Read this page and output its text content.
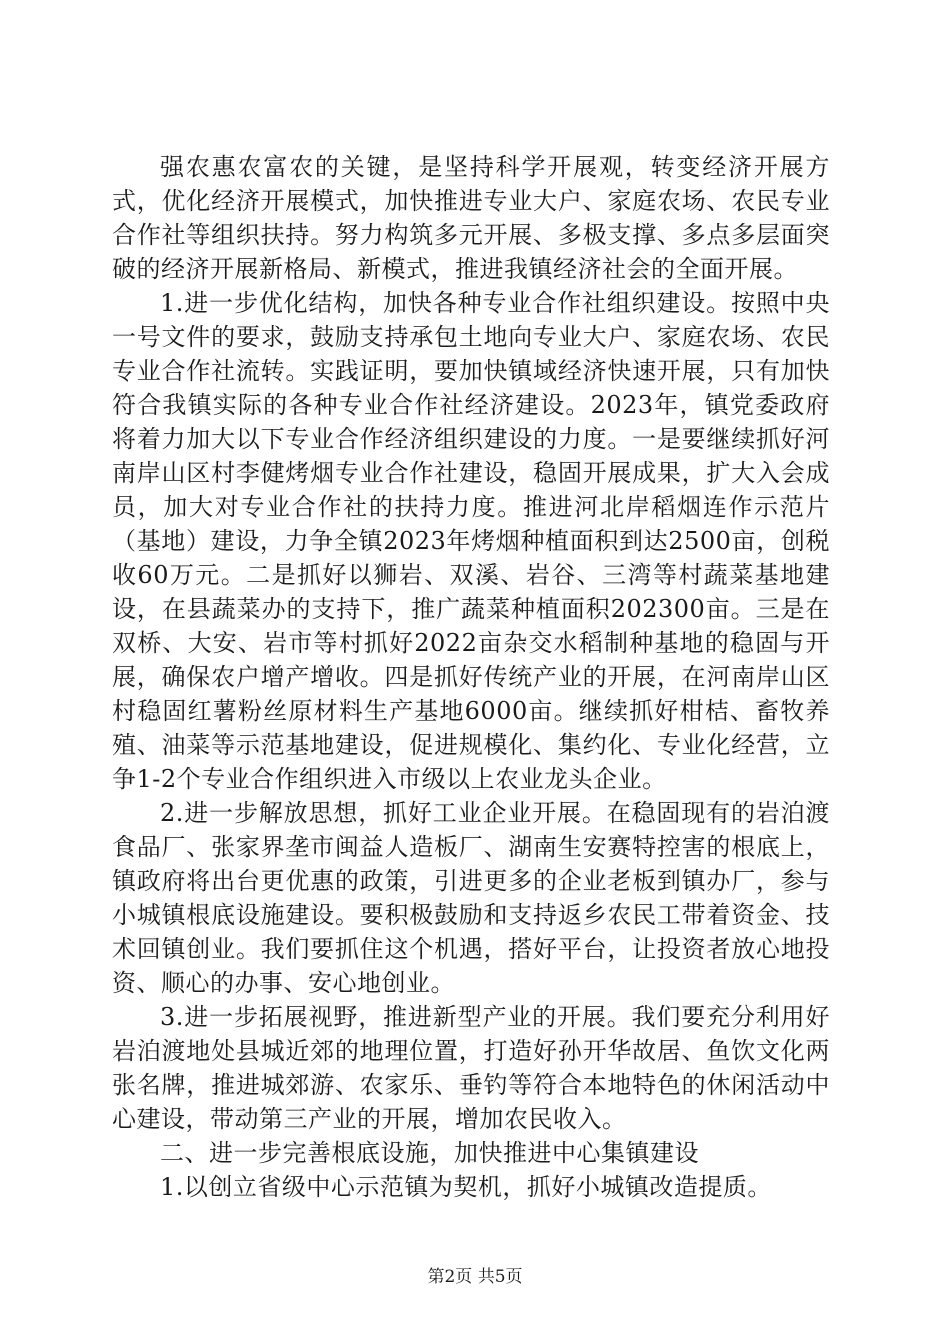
强农惠农富农的关键，是坚持科学开展观，转变经济开展方式，优化经济开展模式，加快推进专业大户、家庭农场、农民专业合作社等组织扶持。努力构筑多元开展、多极支撑、多点多层面突破的经济开展新格局、新模式，推进我镇经济社会的全面开展。

1.进一步优化结构，加快各种专业合作社组织建设。按照中央一号文件的要求，鼓励支持承包土地向专业大户、家庭农场、农民专业合作社流转。实践证明，要加快镇域经济快速开展，只有加快符合我镇实际的各种专业合作社经济建设。2023年，镇党委政府将着力加大以下专业合作经济组织建设的力度。一是要继续抓好河南岸山区村李健烤烟专业合作社建设，稳固开展成果，扩大入会成员，加大对专业合作社的扶持力度。推进河北岸稻烟连作示范片（基地）建设，力争全镇2023年烤烟种植面积到达2500亩，创税收60万元。二是抓好以狮岩、双溪、岩谷、三湾等村蔬菜基地建设，在县蔬菜办的支持下，推广蔬菜种植面积202300亩。三是在双桥、大安、岩市等村抓好2022亩杂交水稻制种基地的稳固与开展，确保农户增产增收。四是抓好传统产业的开展，在河南岸山区村稳固红薯粉丝原材料生产基地6000亩。继续抓好柑桔、畜牧养殖、油菜等示范基地建设，促进规模化、集约化、专业化经营，立争1-2个专业合作组织进入市级以上农业龙头企业。

2.进一步解放思想，抓好工业企业开展。在稳固现有的岩泊渡食品厂、张家界垄市闽益人造板厂、湖南生安赛特控害的根底上，镇政府将出台更优惠的政策，引进更多的企业老板到镇办厂，参与小城镇根底设施建设。要积极鼓励和支持返乡农民工带着资金、技术回镇创业。我们要抓住这个机遇，搭好平台，让投资者放心地投资、顺心的办事、安心地创业。

3.进一步拓展视野，推进新型产业的开展。我们要充分利用好岩泊渡地处县城近郊的地理位置，打造好孙开华故居、鱼饮文化两张名牌，推进城郊游、农家乐、垂钓等符合本地特色的休闲活动中心建设，带动第三产业的开展，增加农民收入。

二、进一步完善根底设施，加快推进中心集镇建设

1.以创立省级中心示范镇为契机，抓好小城镇改造提质。

第2页 共5页
